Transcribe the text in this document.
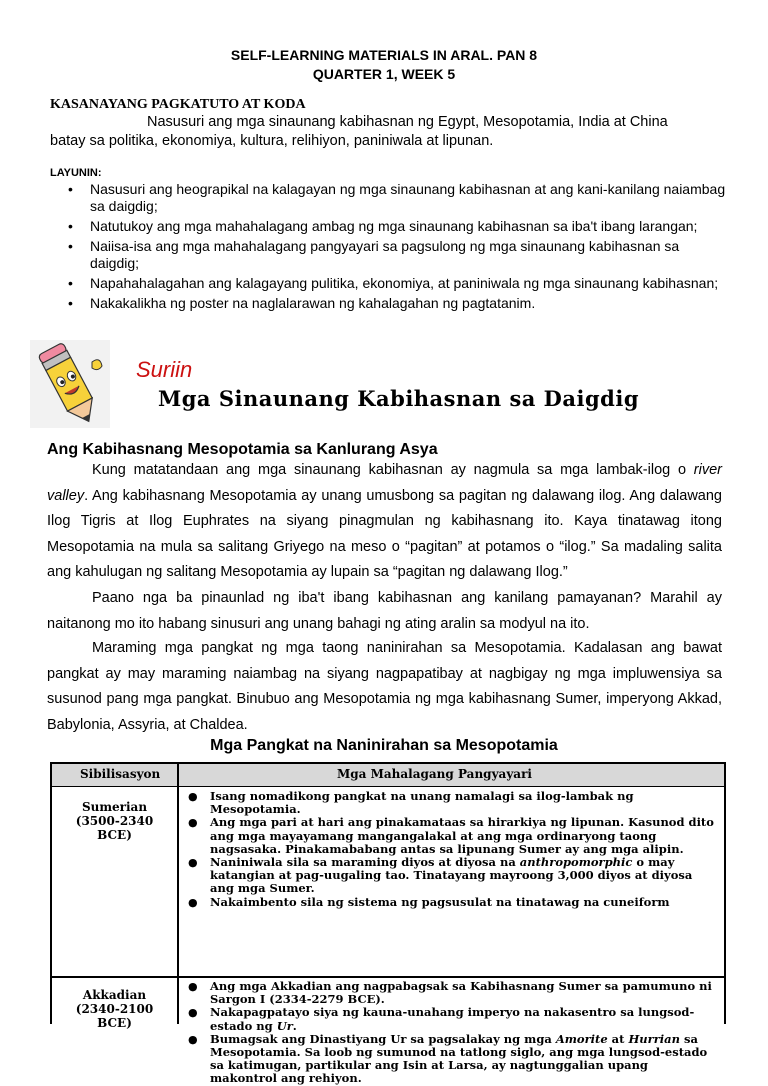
SELF-LEARNING MATERIALS IN ARAL. PAN 8
QUARTER 1, WEEK 5
KASANAYANG PAGKATUTO AT KODA
Nasusuri ang mga sinaunang kabihasnan ng Egypt, Mesopotamia, India at China
batay sa politika, ekonomiya, kultura, relihiyon, paniniwala at lipunan.
LAYUNIN:
• Nasusuri ang heograpikal na kalagayan ng mga sinaunang kabihasnan at ang kani-kanilang naiambag sa daigdig;
• Natutukoy ang mga mahahalagang ambag ng mga sinaunang kabihasnan sa iba't ibang larangan;
• Naiisa-isa ang mga mahahalagang pangyayari sa pagsulong ng mga sinaunang kabihasnan sa daigdig;
• Napahahalagahan ang kalagayang pulitika, ekonomiya, at paniniwala ng mga sinaunang kabihasnan;
• Nakakalikha ng poster na naglalarawan ng kahalagahan ng pagtatanim.
Suriin
Mga Sinaunang Kabihasnan sa Daigdig
Ang Kabihasnang Mesopotamia sa Kanlurang Asya

Kung matatandaan ang mga sinaunang kabihasnan ay nagmula sa mga lambak-ilog o river valley. Ang kabihasnang Mesopotamia ay unang umusbong sa pagitan ng dalawang ilog. Ang dalawang Ilog Tigris at Ilog Euphrates na siyang pinagmulan ng kabihasnang ito. Kaya tinatawag itong Mesopotamia na mula sa salitang Griyego na meso o “pagitan” at potamos o “ilog.” Sa madaling salita ang kahulugan ng salitang Mesopotamia ay lupain sa “pagitan ng dalawang Ilog.”

Paano nga ba pinaunlad ng iba't ibang kabihasnan ang kanilang pamayanan? Marahil ay naitanong mo ito habang sinusuri ang unang bahagi ng ating aralin sa modyul na ito.

Maraming mga pangkat ng mga taong naninirahan sa Mesopotamia. Kadalasan ang bawat pangkat ay may maraming naiambag na siyang nagpapatibay at nagbigay ng mga impluwensiya sa susunod pang mga pangkat. Binubuo ang Mesopotamia ng mga kabihasnang Sumer, imperyong Akkad, Babylonia, Assyria, at Chaldea.

Mga Pangkat na Naninirahan sa Mesopotamia
Sibilisasyon	Mga Mahalagang Pangyayari
Sumerian
(3500-2340
BCE)
● Isang nomadikong pangkat na unang namalagi sa ilog-lambak ng Mesopotamia.
● Ang mga pari at hari ang pinakamataas sa hirarkiya ng lipunan. Kasunod dito ang mga mayayamang mangangalakal at ang mga ordinaryong taong nagsasaka. Pinakamababang antas sa lipunang Sumer ay ang mga alipin.
● Naniniwala sila sa maraming diyos at diyosa na anthropomorphic o may katangian at pag-uugaling tao. Tinatayang mayroong 3,000 diyos at diyosa ang mga Sumer.
● Nakaimbento sila ng sistema ng pagsusulat na tinatawag na cuneiform
Akkadian
(2340-2100
BCE)
● Ang mga Akkadian ang nagpabagsak sa Kabihasnang Sumer sa pamumuno ni Sargon I (2334-2279 BCE).
● Nakapagpatayo siya ng kauna-unahang imperyo na nakasentro sa lungsod-estado ng Ur.
● Bumagsak ang Dinastiyang Ur sa pagsalakay ng mga Amorite at Hurrian sa Mesopotamia. Sa loob ng sumunod na tatlong siglo, ang mga lungsod-estado sa katimugan, partikular ang Isin at Larsa, ay nagtunggalian upang makontrol ang rehiyon.
